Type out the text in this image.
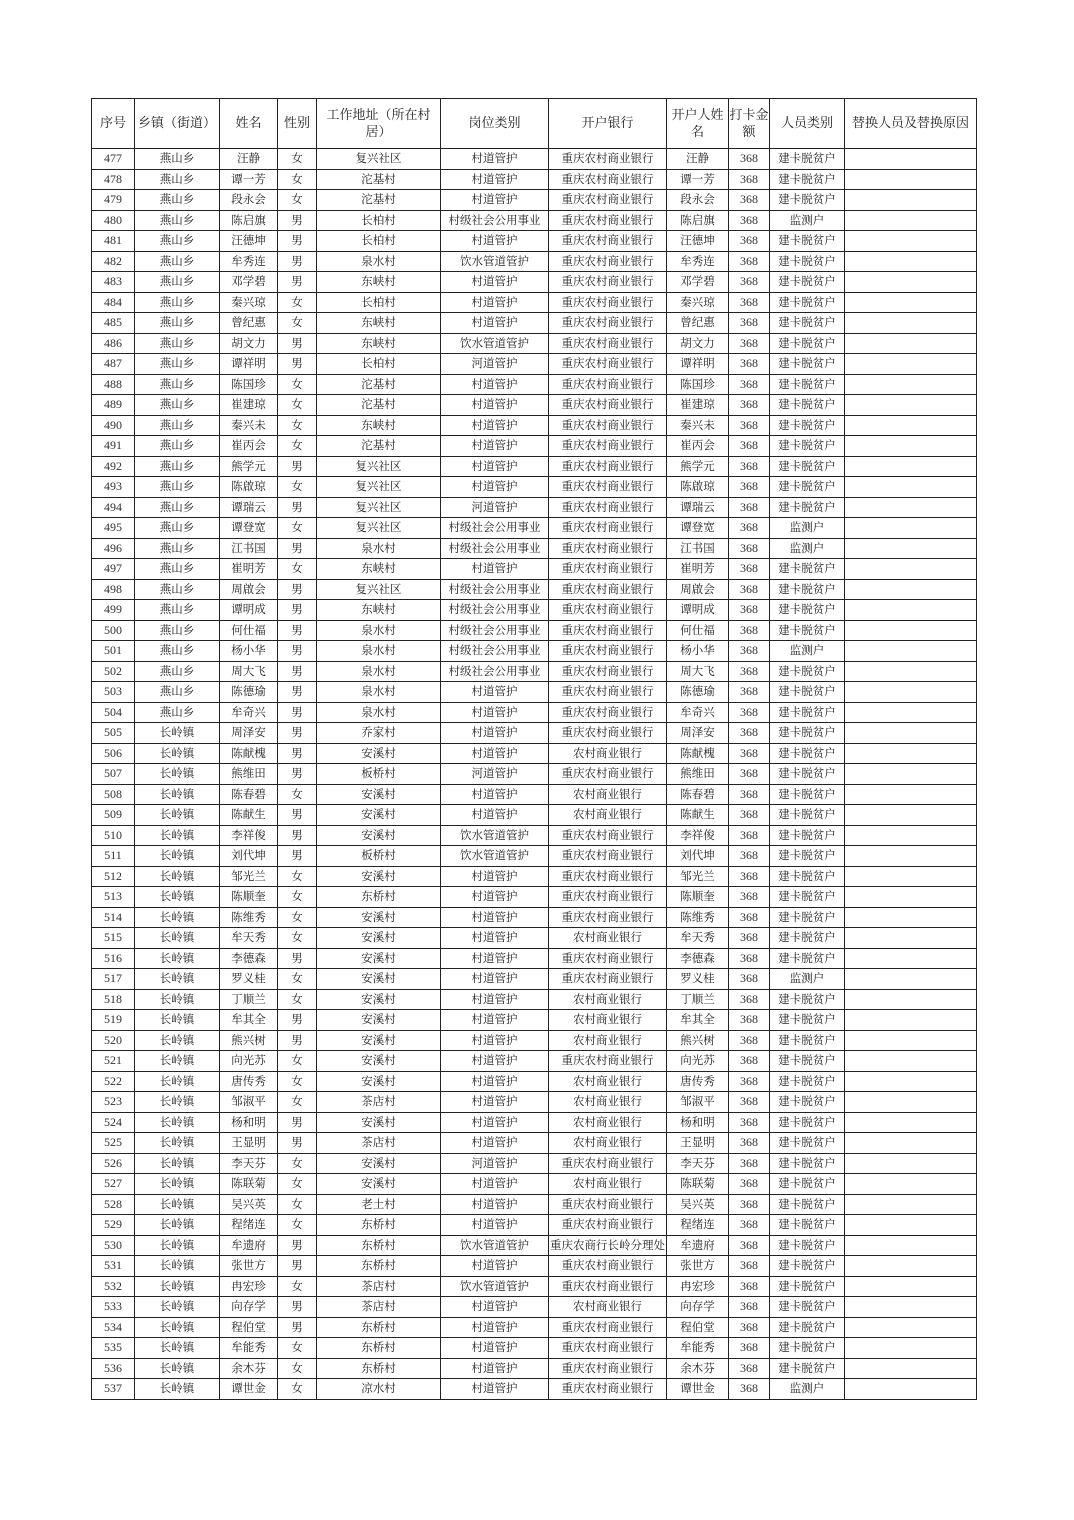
序号	乡镇（街道）	姓名	性别	工作地址（所在村居）	岗位类别	开户银行	开户人姓名	打卡金额	人员类别	替换人员及替换原因
477	燕山乡	汪静	女	复兴社区	村道管护	重庆农村商业银行	汪静	368	建卡脱贫户	
478	燕山乡	谭一芳	女	沱基村	村道管护	重庆农村商业银行	谭一芳	368	建卡脱贫户	
479	燕山乡	段永会	女	沱基村	村道管护	重庆农村商业银行	段永会	368	建卡脱贫户	
480	燕山乡	陈启旗	男	长柏村	村级社会公用事业	重庆农村商业银行	陈启旗	368	监测户	
481	燕山乡	汪德坤	男	长柏村	村道管护	重庆农村商业银行	汪德坤	368	建卡脱贫户	
482	燕山乡	牟秀连	男	泉水村	饮水管道管护	重庆农村商业银行	牟秀连	368	建卡脱贫户	
483	燕山乡	邓学碧	男	东峡村	村道管护	重庆农村商业银行	邓学碧	368	建卡脱贫户	
484	燕山乡	秦兴琼	女	长柏村	村道管护	重庆农村商业银行	秦兴琼	368	建卡脱贫户	
485	燕山乡	曾纪惠	女	东峡村	村道管护	重庆农村商业银行	曾纪惠	368	建卡脱贫户	
486	燕山乡	胡文力	男	东峡村	饮水管道管护	重庆农村商业银行	胡文力	368	建卡脱贫户	
487	燕山乡	谭祥明	男	长柏村	河道管护	重庆农村商业银行	谭祥明	368	建卡脱贫户	
488	燕山乡	陈国珍	女	沱基村	村道管护	重庆农村商业银行	陈国珍	368	建卡脱贫户	
489	燕山乡	崔建琼	女	沱基村	村道管护	重庆农村商业银行	崔建琼	368	建卡脱贫户	
490	燕山乡	秦兴未	女	东峡村	村道管护	重庆农村商业银行	秦兴未	368	建卡脱贫户	
491	燕山乡	崔丙会	女	沱基村	村道管护	重庆农村商业银行	崔丙会	368	建卡脱贫户	
492	燕山乡	熊学元	男	复兴社区	村道管护	重庆农村商业银行	熊学元	368	建卡脱贫户	
493	燕山乡	陈啟琼	女	复兴社区	村道管护	重庆农村商业银行	陈啟琼	368	建卡脱贫户	
494	燕山乡	谭瑞云	男	复兴社区	河道管护	重庆农村商业银行	谭瑞云	368	建卡脱贫户	
495	燕山乡	谭登宽	女	复兴社区	村级社会公用事业	重庆农村商业银行	谭登宽	368	监测户	
496	燕山乡	江书国	男	泉水村	村级社会公用事业	重庆农村商业银行	江书国	368	监测户	
497	燕山乡	崔明芳	女	东峡村	村道管护	重庆农村商业银行	崔明芳	368	建卡脱贫户	
498	燕山乡	周啟会	男	复兴社区	村级社会公用事业	重庆农村商业银行	周啟会	368	建卡脱贫户	
499	燕山乡	谭明成	男	东峡村	村级社会公用事业	重庆农村商业银行	谭明成	368	建卡脱贫户	
500	燕山乡	何仕福	男	泉水村	村级社会公用事业	重庆农村商业银行	何仕福	368	建卡脱贫户	
501	燕山乡	杨小华	男	泉水村	村级社会公用事业	重庆农村商业银行	杨小华	368	监测户	
502	燕山乡	周大飞	男	泉水村	村级社会公用事业	重庆农村商业银行	周大飞	368	建卡脱贫户	
503	燕山乡	陈德瑜	男	泉水村	村道管护	重庆农村商业银行	陈德瑜	368	建卡脱贫户	
504	燕山乡	牟奇兴	男	泉水村	村道管护	重庆农村商业银行	牟奇兴	368	建卡脱贫户	
505	长岭镇	周泽安	男	乔家村	村道管护	重庆农村商业银行	周泽安	368	建卡脱贫户	
506	长岭镇	陈献槐	男	安溪村	村道管护	农村商业银行	陈献槐	368	建卡脱贫户	
507	长岭镇	熊维田	男	板桥村	河道管护	重庆农村商业银行	熊维田	368	建卡脱贫户	
508	长岭镇	陈春碧	女	安溪村	村道管护	农村商业银行	陈春碧	368	建卡脱贫户	
509	长岭镇	陈献生	男	安溪村	村道管护	农村商业银行	陈献生	368	建卡脱贫户	
510	长岭镇	李祥俊	男	安溪村	饮水管道管护	重庆农村商业银行	李祥俊	368	建卡脱贫户	
511	长岭镇	刘代坤	男	板桥村	饮水管道管护	重庆农村商业银行	刘代坤	368	建卡脱贫户	
512	长岭镇	邹光兰	女	安溪村	村道管护	重庆农村商业银行	邹光兰	368	建卡脱贫户	
513	长岭镇	陈顺奎	女	东桥村	村道管护	重庆农村商业银行	陈顺奎	368	建卡脱贫户	
514	长岭镇	陈维秀	女	安溪村	村道管护	重庆农村商业银行	陈维秀	368	建卡脱贫户	
515	长岭镇	牟天秀	女	安溪村	村道管护	农村商业银行	牟天秀	368	建卡脱贫户	
516	长岭镇	李德森	男	安溪村	村道管护	重庆农村商业银行	李德森	368	建卡脱贫户	
517	长岭镇	罗义桂	女	安溪村	村道管护	重庆农村商业银行	罗义桂	368	监测户	
518	长岭镇	丁顺兰	女	安溪村	村道管护	农村商业银行	丁顺兰	368	建卡脱贫户	
519	长岭镇	牟其全	男	安溪村	村道管护	农村商业银行	牟其全	368	建卡脱贫户	
520	长岭镇	熊兴树	男	安溪村	村道管护	农村商业银行	熊兴树	368	建卡脱贫户	
521	长岭镇	向光苏	女	安溪村	村道管护	重庆农村商业银行	向光苏	368	建卡脱贫户	
522	长岭镇	唐传秀	女	安溪村	村道管护	农村商业银行	唐传秀	368	建卡脱贫户	
523	长岭镇	邹淑平	女	茶店村	村道管护	农村商业银行	邹淑平	368	建卡脱贫户	
524	长岭镇	杨和明	男	安溪村	村道管护	农村商业银行	杨和明	368	建卡脱贫户	
525	长岭镇	王显明	男	茶店村	村道管护	农村商业银行	王显明	368	建卡脱贫户	
526	长岭镇	李天芬	女	安溪村	河道管护	重庆农村商业银行	李天芬	368	建卡脱贫户	
527	长岭镇	陈联菊	女	安溪村	村道管护	农村商业银行	陈联菊	368	建卡脱贫户	
528	长岭镇	吴兴英	女	老土村	村道管护	重庆农村商业银行	吴兴英	368	建卡脱贫户	
529	长岭镇	程绪连	女	东桥村	村道管护	重庆农村商业银行	程绪连	368	建卡脱贫户	
530	长岭镇	牟遗府	男	东桥村	饮水管道管护	重庆农商行长岭分理处	牟遗府	368	建卡脱贫户	
531	长岭镇	张世方	男	东桥村	村道管护	重庆农村商业银行	张世方	368	建卡脱贫户	
532	长岭镇	冉宏珍	女	茶店村	饮水管道管护	重庆农村商业银行	冉宏珍	368	建卡脱贫户	
533	长岭镇	向存学	男	茶店村	村道管护	农村商业银行	向存学	368	建卡脱贫户	
534	长岭镇	程伯堂	男	东桥村	村道管护	重庆农村商业银行	程伯堂	368	建卡脱贫户	
535	长岭镇	牟能秀	女	东桥村	村道管护	重庆农村商业银行	牟能秀	368	建卡脱贫户	
536	长岭镇	余木芬	女	东桥村	村道管护	重庆农村商业银行	余木芬	368	建卡脱贫户	
537	长岭镇	谭世金	女	凉水村	村道管护	重庆农村商业银行	谭世金	368	监测户	
